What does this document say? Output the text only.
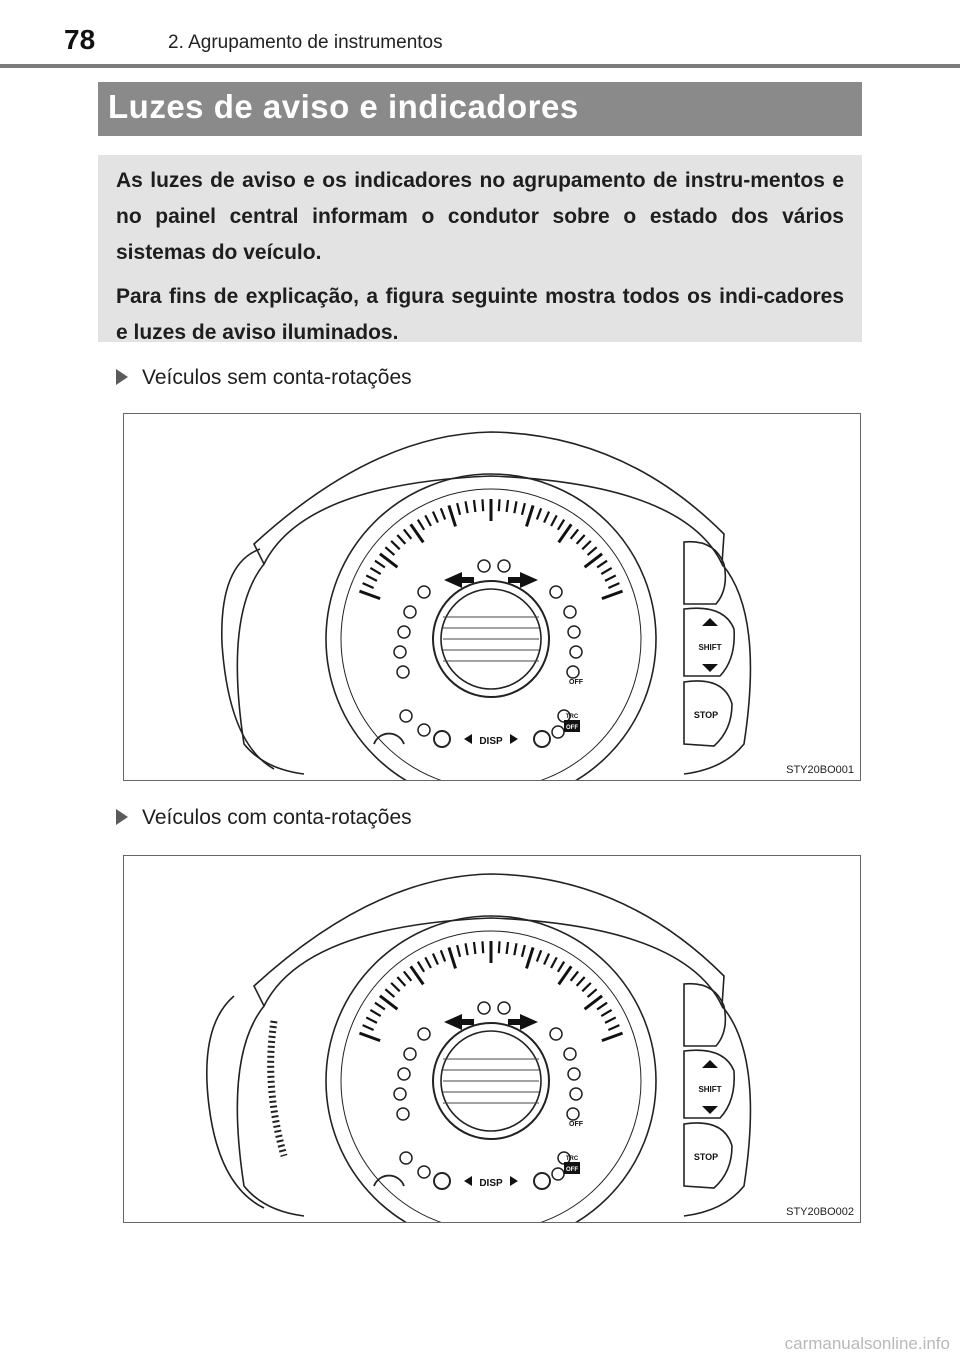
78	2. Agrupamento de instrumentos
Luzes de aviso e indicadores

As luzes de aviso e os indicadores no agrupamento de instru-mentos e no painel central informam o condutor sobre o estado dos vários sistemas do veículo.

Para fins de explicação, a figura seguinte mostra todos os indi-cadores e luzes de aviso iluminados.

Veículos sem conta-rotações
DISP
TRC
OFF
OFF
SHIFT
STOP
STY20BO001
Veículos com conta-rotações
DISP
TRC
OFF
OFF
SHIFT
STOP
STY20BO002
carmanualsonline.info
